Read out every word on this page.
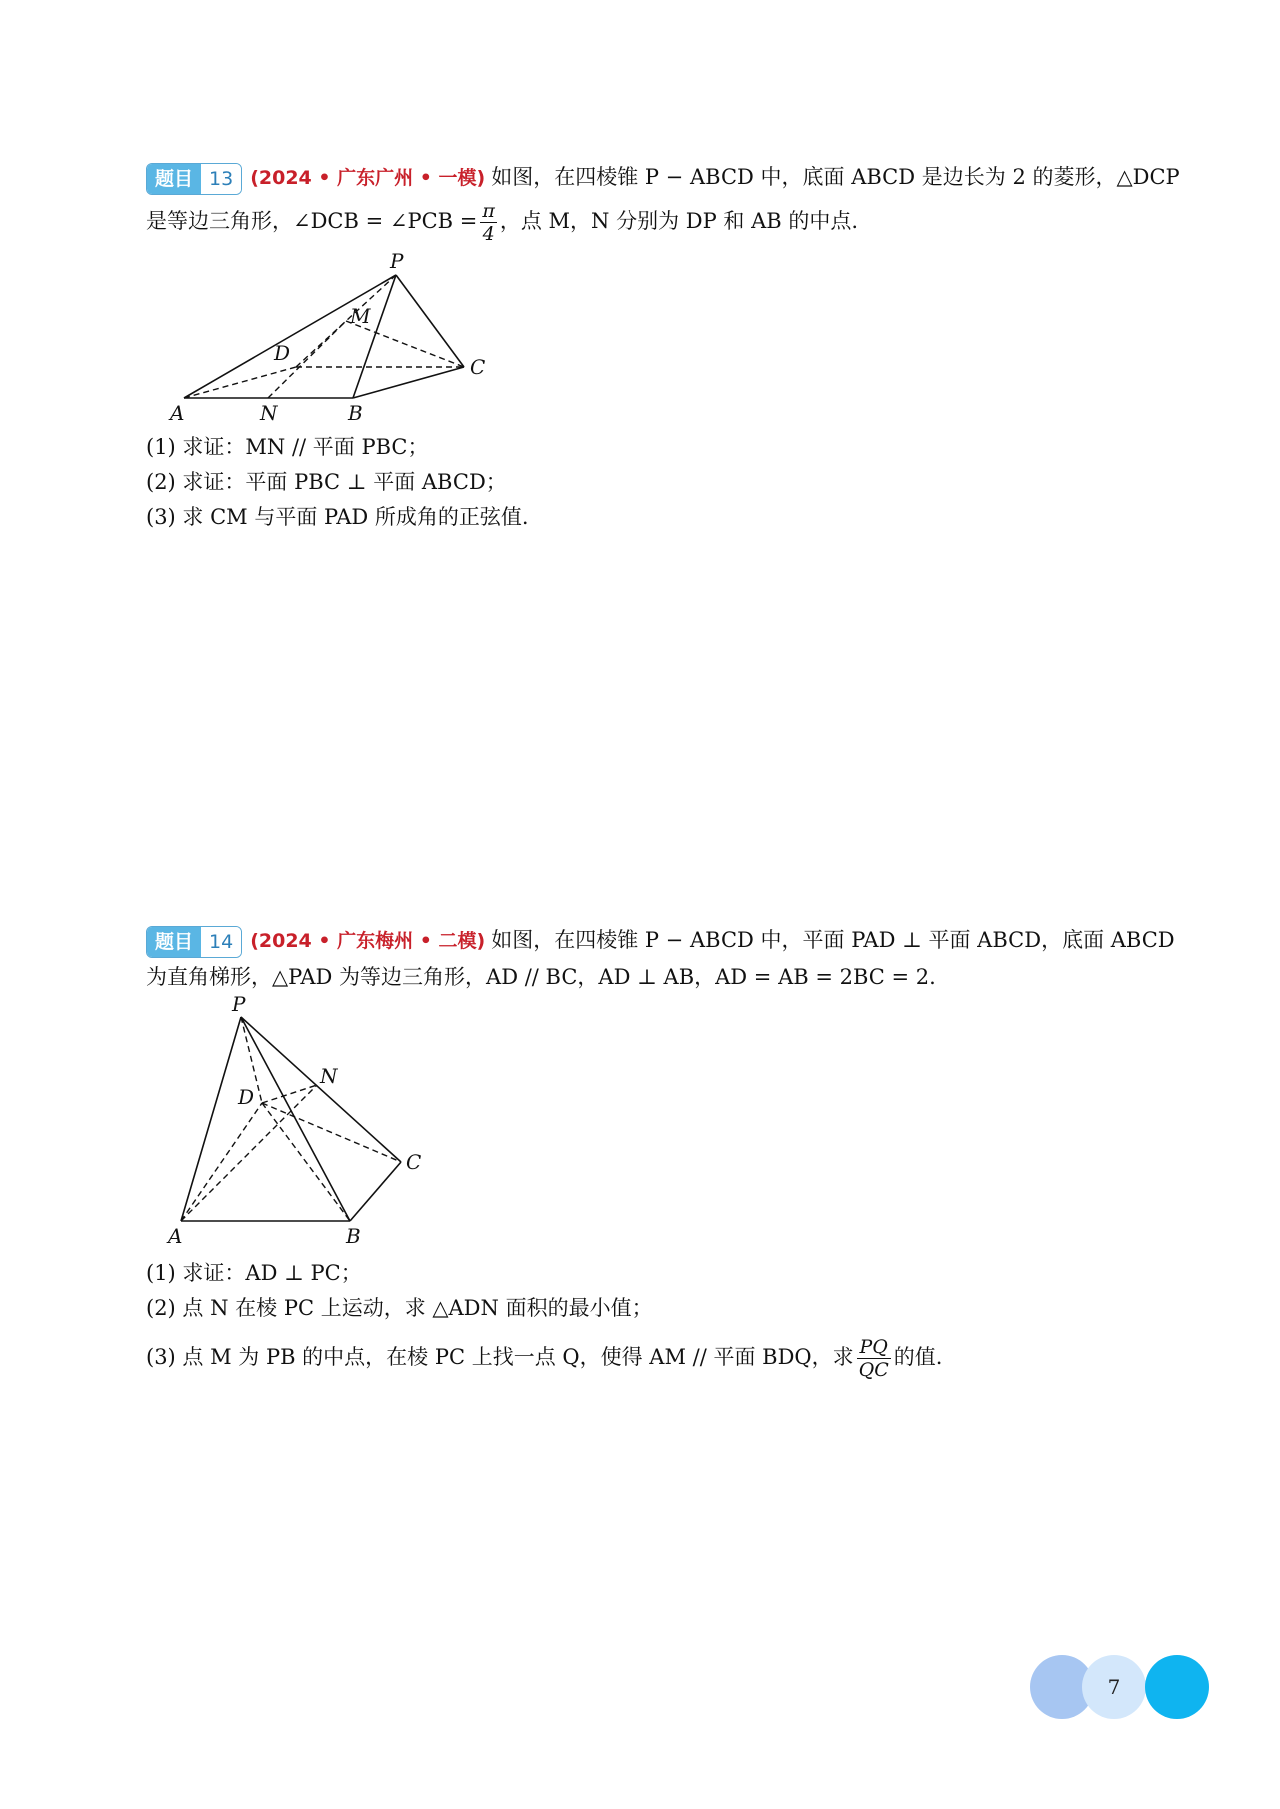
题目 13 (2024 • 广东广州 • 一模) 如图，在四棱锥 P − ABCD 中，底面 ABCD 是边长为 2 的菱形，△DCP
是等边三角形，∠DCB = ∠PCB = $\frac{\pi}{4}$ ，点 M，N 分别为 DP 和 AB 的中点.
P
M
D
C
A	N	B
(1) 求证：MN // 平面 PBC；
(2) 求证：平面 PBC ⊥ 平面 ABCD；
(3) 求 CM 与平面 PAD 所成角的正弦值.
题目 14 (2024 • 广东梅州 • 二模) 如图，在四棱锥 P − ABCD 中，平面 PAD ⊥ 平面 ABCD，底面 ABCD
为直角梯形，△PAD 为等边三角形，AD // BC，AD ⊥ AB，AD = AB = 2BC = 2.
P
N
D
C
A	B
(1) 求证：AD ⊥ PC；
(2) 点 N 在棱 PC 上运动，求 △ADN 面积的最小值；
(3) 点 M 为 PB 的中点，在棱 PC 上找一点 Q，使得 AM // 平面 BDQ，求 $\frac{PQ}{QC}$ 的值.
7
